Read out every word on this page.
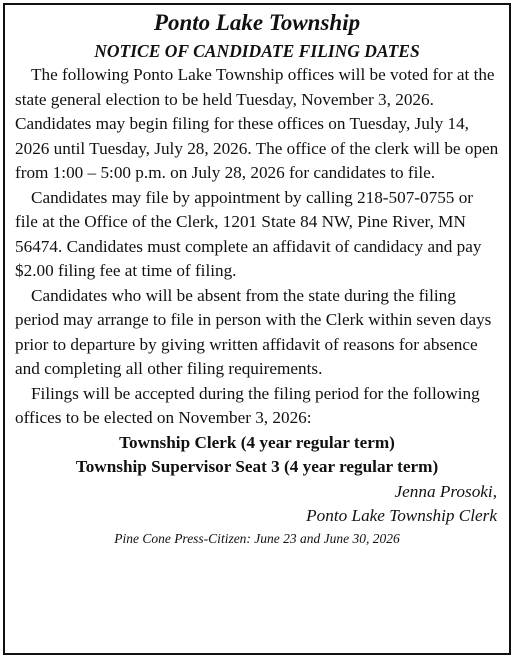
Ponto Lake Township
NOTICE OF CANDIDATE FILING DATES

The following Ponto Lake Township offices will be voted for at the state general election to be held Tuesday, November 3, 2026. Candidates may begin filing for these offices on Tuesday, July 14, 2026 until Tuesday, July 28, 2026. The office of the clerk will be open from 1:00 – 5:00 p.m. on July 28, 2026 for candidates to file.

Candidates may file by appointment by calling 218-507-0755 or file at the Office of the Clerk, 1201 State 84 NW, Pine River, MN 56474. Candidates must complete an affidavit of candidacy and pay $2.00 filing fee at time of filing.

Candidates who will be absent from the state during the filing period may arrange to file in person with the Clerk within seven days prior to departure by giving written affidavit of reasons for absence and completing all other filing requirements.

Filings will be accepted during the filing period for the following offices to be elected on November 3, 2026:

Township Clerk (4 year regular term)
Township Supervisor Seat 3 (4 year regular term)
Jenna Prosoki,
Ponto Lake Township Clerk
Pine Cone Press-Citizen: June 23 and June 30, 2026
